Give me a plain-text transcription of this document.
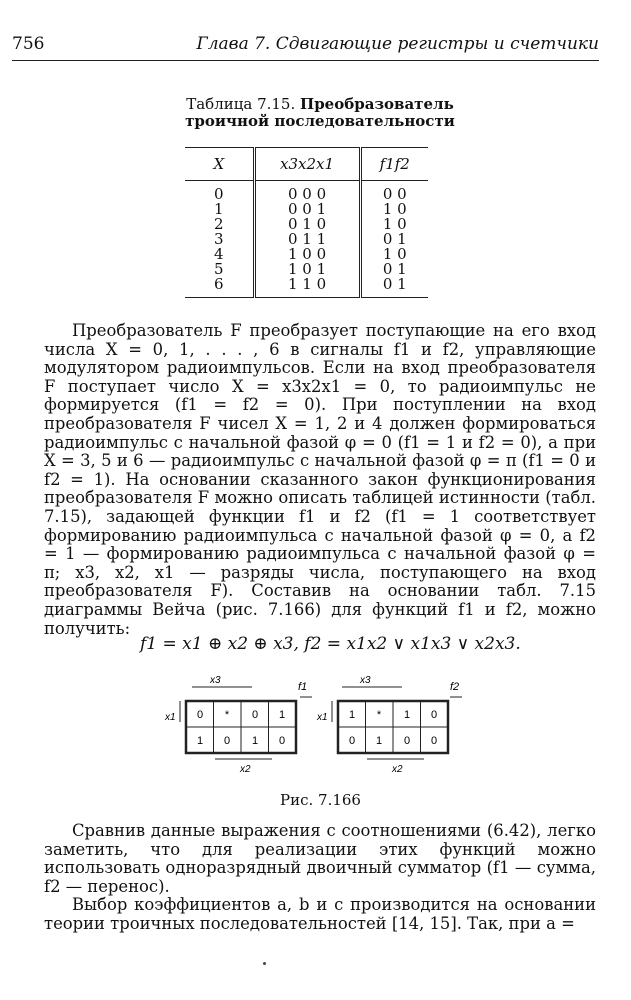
756	Глава 7. Сдвигающие регистры и счетчики
Таблица 7.15. Преобразователь троичной последовательности
X	x3x2x1	f1f2
0	0 0 0	0 0
1	0 0 1	1 0
2	0 1 0	1 0
3	0 1 1	0 1
4	1 0 0	1 0
5	1 0 1	0 1
6	1 1 0	0 1

Преобразователь F преобразует поступающие на его вход числа X = 0, 1, . . . , 6 в сигналы f1 и f2, управляющие модулятором радиоимпульсов. Если на вход преобразователя F поступает число X = x3x2x1 = 0, то радиоимпульс не формируется (f1 = f2 = 0). При поступлении на вход преобразователя F чисел X = 1, 2 и 4 должен формироваться радиоимпульс с начальной фазой φ = 0 (f1 = 1 и f2 = 0), а при X = 3, 5 и 6 — радиоимпульс с начальной фазой φ = π (f1 = 0 и f2 = 1). На основании сказанного закон функционирования преобразователя F можно описать таблицей истинности (табл. 7.15), задающей функции f1 и f2 (f1 = 1 соответствует формированию радиоимпульса с начальной фазой φ = 0, а f2 = 1 — формированию радиоимпульса с начальной фазой φ = π; x3, x2, x1 — разряды числа, поступающего на вход преобразователя F). Составив на основании табл. 7.15 диаграммы Вейча (рис. 7.166) для функций f1 и f2, можно получить:

f1 = x1 ⊕ x2 ⊕ x3, f2 = x1x2 ∨ x1x3 ∨ x2x3.
x3
f1
x1 0 * 0 1
1 0 1 0
x2
x3
f2
x1 1 * 1 0
0 1 0 0
x2
Рис. 7.166

Сравнив данные выражения с соотношениями (6.42), легко заметить, что для реализации этих функций можно использовать одноразрядный двоичный сумматор (f1 — сумма, f2 — перенос).

Выбор коэффициентов a, b и c производится на основании теории троичных последовательностей [14, 15]. Так, при a =
